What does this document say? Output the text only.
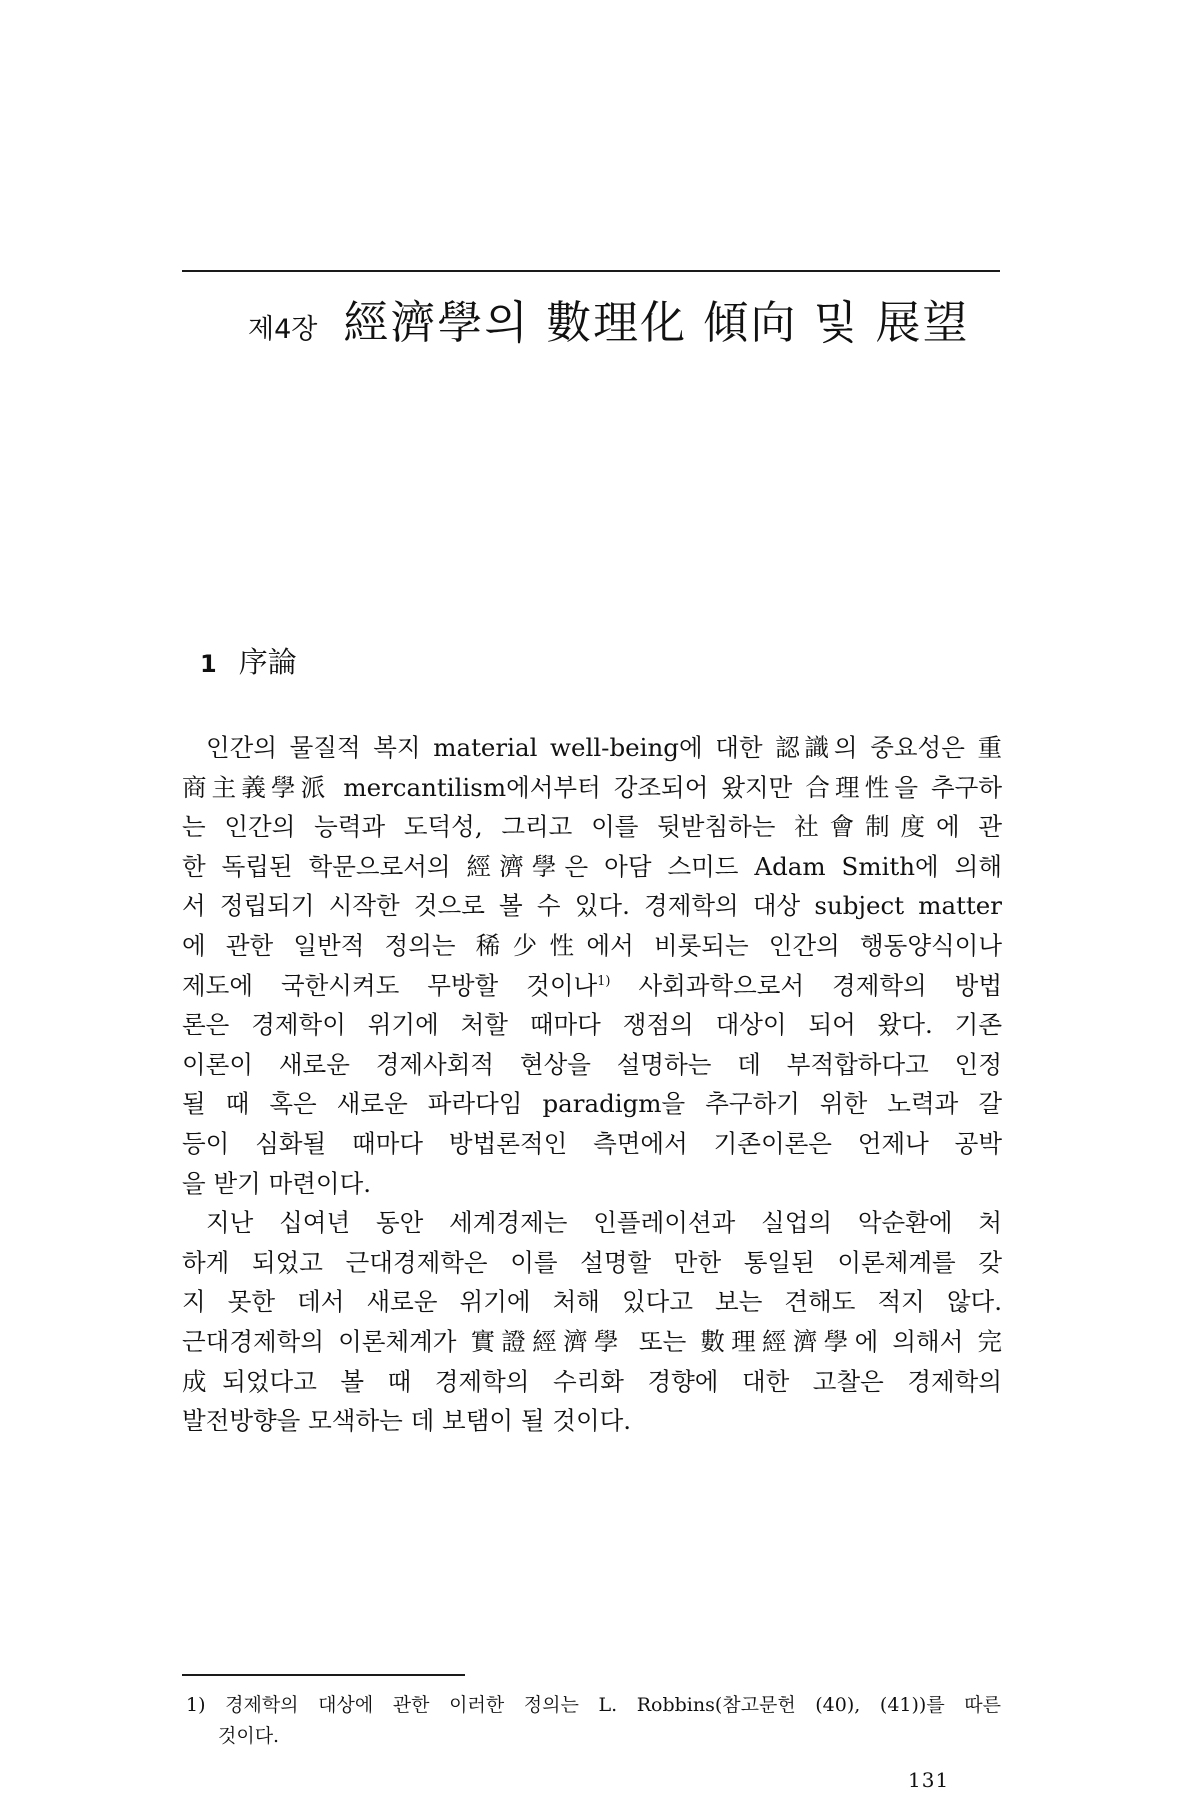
제4장 經濟學의 數理化 傾向 및 展望
1 序論
인간의 물질적 복지 material well-being에 대한 認識의 중요성은 重
商主義學派 mercantilism에서부터 강조되어 왔지만 合理性을 추구하
는 인간의 능력과 도덕성, 그리고 이를 뒷받침하는 社會制度에 관
한 독립된 학문으로서의 經濟學은 아담 스미드 Adam Smith에 의해
서 정립되기 시작한 것으로 볼 수 있다. 경제학의 대상 subject matter
에 관한 일반적 정의는 稀少性에서 비롯되는 인간의 행동양식이나
제도에 국한시켜도 무방할 것이나$^{1)}$ 사회과학으로서 경제학의 방법
론은 경제학이 위기에 처할 때마다 쟁점의 대상이 되어 왔다. 기존
이론이 새로운 경제사회적 현상을 설명하는 데 부적합하다고 인정
될 때 혹은 새로운 파라다임 paradigm을 추구하기 위한 노력과 갈
등이 심화될 때마다 방법론적인 측면에서 기존이론은 언제나 공박
을 받기 마련이다.
지난 십여년 동안 세계경제는 인플레이션과 실업의 악순환에 처
하게 되었고 근대경제학은 이를 설명할 만한 통일된 이론체계를 갖
지 못한 데서 새로운 위기에 처해 있다고 보는 견해도 적지 않다.
근대경제학의 이론체계가 實證經濟學 또는 數理經濟學에 의해서 完
成되었다고 볼 때 경제학의 수리화 경향에 대한 고찰은 경제학의
발전방향을 모색하는 데 보탬이 될 것이다.
1) 경제학의 대상에 관한 이러한 정의는 L. Robbins(참고문헌 (40), (41))를 따른
것이다.
131
